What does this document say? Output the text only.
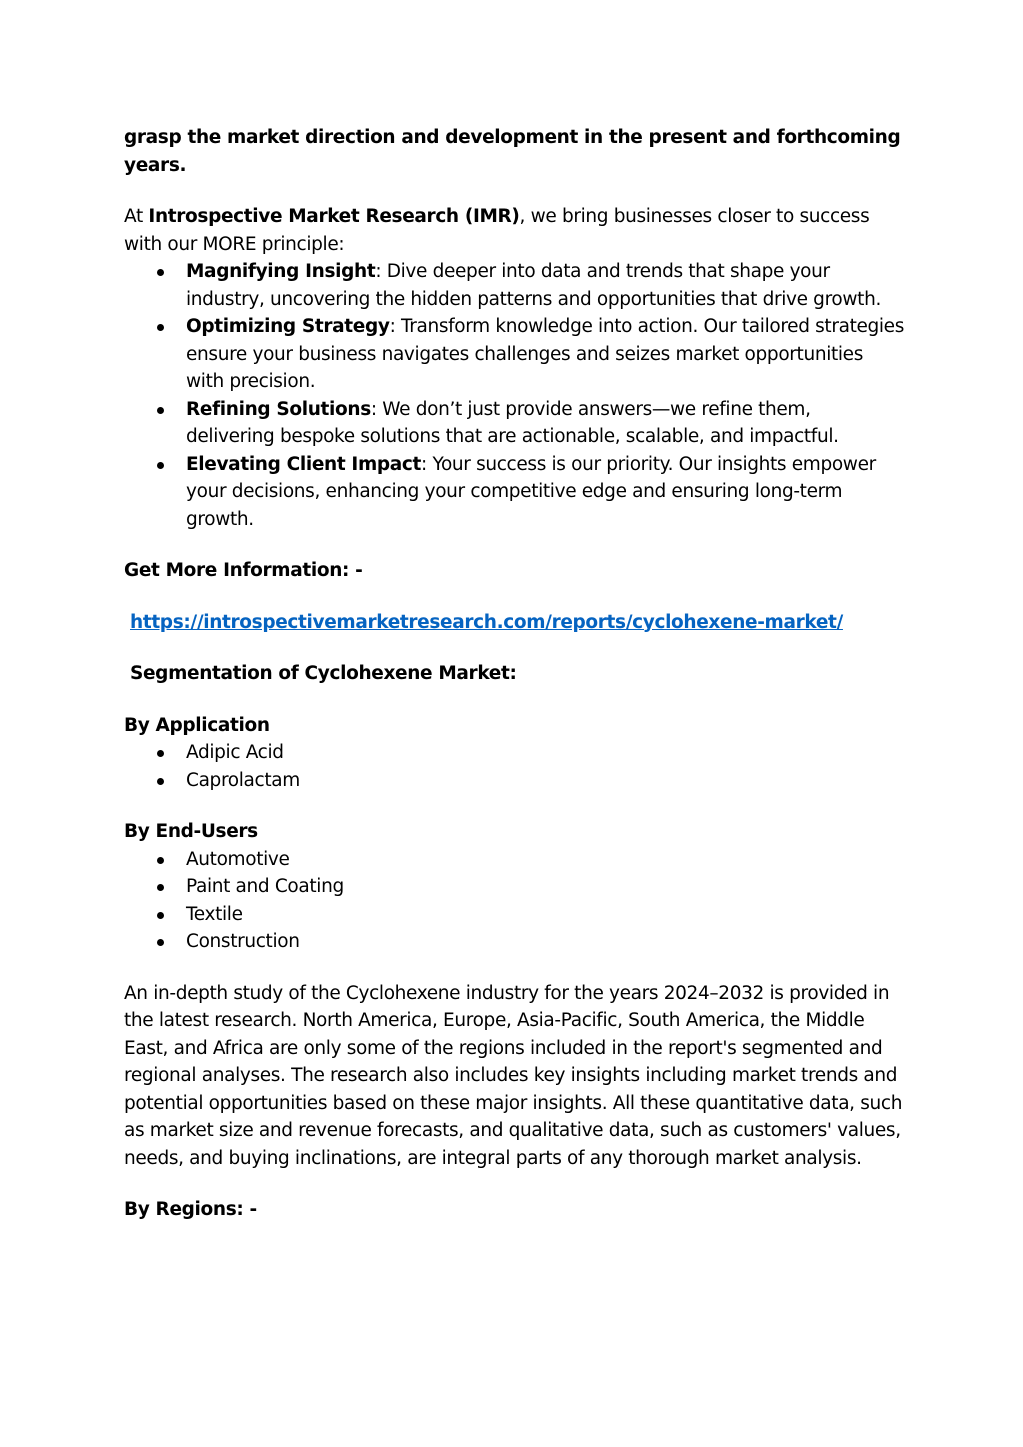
grasp the market direction and development in the present and forthcoming years.

At Introspective Market Research (IMR), we bring businesses closer to success with our MORE principle:

Magnifying Insight: Dive deeper into data and trends that shape your industry, uncovering the hidden patterns and opportunities that drive growth.
Optimizing Strategy: Transform knowledge into action. Our tailored strategies ensure your business navigates challenges and seizes market opportunities with precision.
Refining Solutions: We don’t just provide answers—we refine them, delivering bespoke solutions that are actionable, scalable, and impactful.
Elevating Client Impact: Your success is our priority. Our insights empower your decisions, enhancing your competitive edge and ensuring long-term growth.

Get More Information: -

https://introspectivemarketresearch.com/reports/cyclohexene-market/

Segmentation of Cyclohexene Market:

By Application

Adipic Acid
Caprolactam

By End-Users

Automotive
Paint and Coating
Textile
Construction

An in-depth study of the Cyclohexene industry for the years 2024–2032 is provided in the latest research. North America, Europe, Asia-Pacific, South America, the Middle East, and Africa are only some of the regions included in the report's segmented and regional analyses. The research also includes key insights including market trends and potential opportunities based on these major insights. All these quantitative data, such as market size and revenue forecasts, and qualitative data, such as customers' values, needs, and buying inclinations, are integral parts of any thorough market analysis.

By Regions: -
